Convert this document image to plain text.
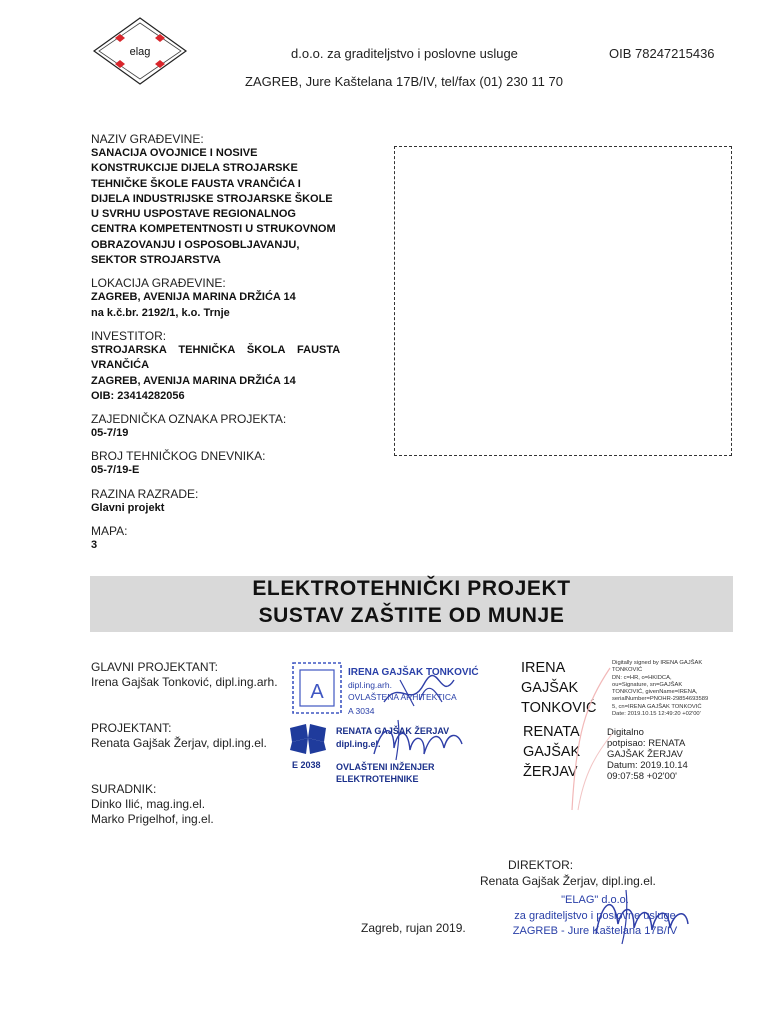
elag	d.o.o. za graditeljstvo i poslovne usluge	OIB 78247215436
ZAGREB, Jure Kaštelana 17B/IV, tel/fax (01) 230 11 70
NAZIV GRAĐEVINE:
SANACIJA OVOJNICE I NOSIVE
KONSTRUKCIJE DIJELA STROJARSKE
TEHNIČKE ŠKOLE FAUSTA VRANČIĆA I
DIJELA INDUSTRIJSKE STROJARSKE ŠKOLE
U SVRHU USPOSTAVE REGIONALNOG
CENTRA KOMPETENTNOSTI U STRUKOVNOM
OBRAZOVANJU I OSPOSOBLJAVANJU,
SEKTOR STROJARSTVA
LOKACIJA GRAĐEVINE:
ZAGREB, AVENIJA MARINA DRŽIĆA 14
na k.č.br. 2192/1, k.o. Trnje
INVESTITOR:
STROJARSKA TEHNIČKA ŠKOLA FAUSTA
VRANČIĆA
ZAGREB, AVENIJA MARINA DRŽIĆA 14
OIB: 23414282056
ZAJEDNIČKA OZNAKA PROJEKTA:
05-7/19
BROJ TEHNIČKOG DNEVNIKA:
05-7/19-E
RAZINA RAZRADE:
Glavni projekt
MAPA:
3
ELEKTROTEHNIČKI PROJEKT
SUSTAV ZAŠTITE OD MUNJE
GLAVNI PROJEKTANT:
Irena Gajšak Tonković, dipl.ing.arh.
PROJEKTANT:
Renata Gajšak Žerjav, dipl.ing.el.
SURADNIK:
Dinko Ilić, mag.ing.el.
Marko Prigelhof, ing.el.
DIREKTOR:
Renata Gajšak Žerjav, dipl.ing.el.
Zagreb, rujan 2019.
A
IRENA GAJŠAK TONKOVIĆ
dipl.ing.arh.
OVLAŠTENA ARHITEKTICA
A 3034
E 2038
RENATA GAJŠAK ŽERJAV
dipl.ing.el.
OVLAŠTENI INŽENJER
ELEKTROTEHNIKE
IRENA
GAJŠAK
TONKOVIĆ
Digitally signed by IRENA GAJŠAK
TONKOVIĆ
DN: c=HR, o=HKIDCA,
ou=Signature, sn=GAJŠAK
TONKOVIĆ, givenName=IRENA,
serialNumber=PNOHR-29854693589
5, cn=IRENA GAJŠAK TONKOVIĆ
Date: 2019.10.15 12:49:20 +02'00'
RENATA
GAJŠAK
ŽERJAV
Digitalno
potpisao: RENATA
GAJŠAK ŽERJAV
Datum: 2019.10.14
09:07:58 +02'00'
"ELAG" d.o.o.
za graditeljstvo i poslovne usluge
ZAGREB - Jure Kaštelana 17B/IV
